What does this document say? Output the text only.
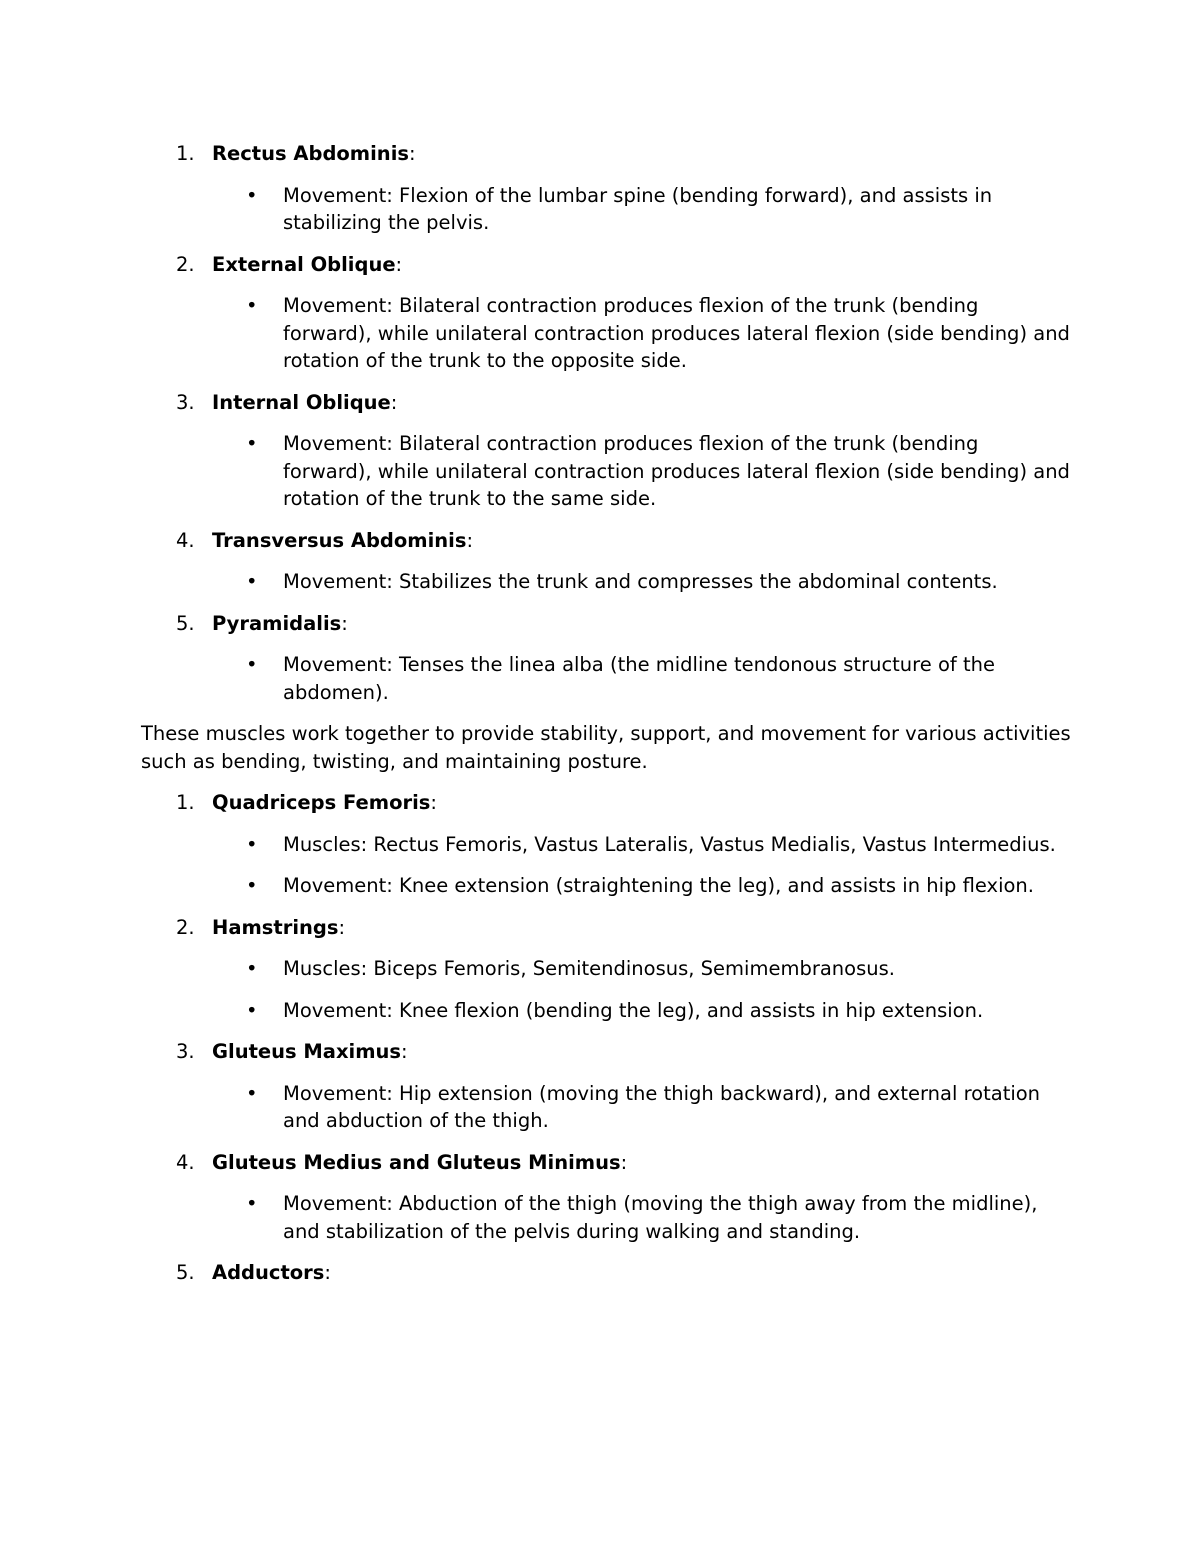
1. Rectus Abdominis:
• Movement: Flexion of the lumbar spine (bending forward), and assists in stabilizing the pelvis.
2. External Oblique:
• Movement: Bilateral contraction produces flexion of the trunk (bending forward), while unilateral contraction produces lateral flexion (side bending) and rotation of the trunk to the opposite side.
3. Internal Oblique:
• Movement: Bilateral contraction produces flexion of the trunk (bending forward), while unilateral contraction produces lateral flexion (side bending) and rotation of the trunk to the same side.
4. Transversus Abdominis:
• Movement: Stabilizes the trunk and compresses the abdominal contents.
5. Pyramidalis:
• Movement: Tenses the linea alba (the midline tendonous structure of the abdomen).

These muscles work together to provide stability, support, and movement for various activities such as bending, twisting, and maintaining posture.

1. Quadriceps Femoris:
• Muscles: Rectus Femoris, Vastus Lateralis, Vastus Medialis, Vastus Intermedius.
• Movement: Knee extension (straightening the leg), and assists in hip flexion.
2. Hamstrings:
• Muscles: Biceps Femoris, Semitendinosus, Semimembranosus.
• Movement: Knee flexion (bending the leg), and assists in hip extension.
3. Gluteus Maximus:
• Movement: Hip extension (moving the thigh backward), and external rotation and abduction of the thigh.
4. Gluteus Medius and Gluteus Minimus:
• Movement: Abduction of the thigh (moving the thigh away from the midline), and stabilization of the pelvis during walking and standing.
5. Adductors:
